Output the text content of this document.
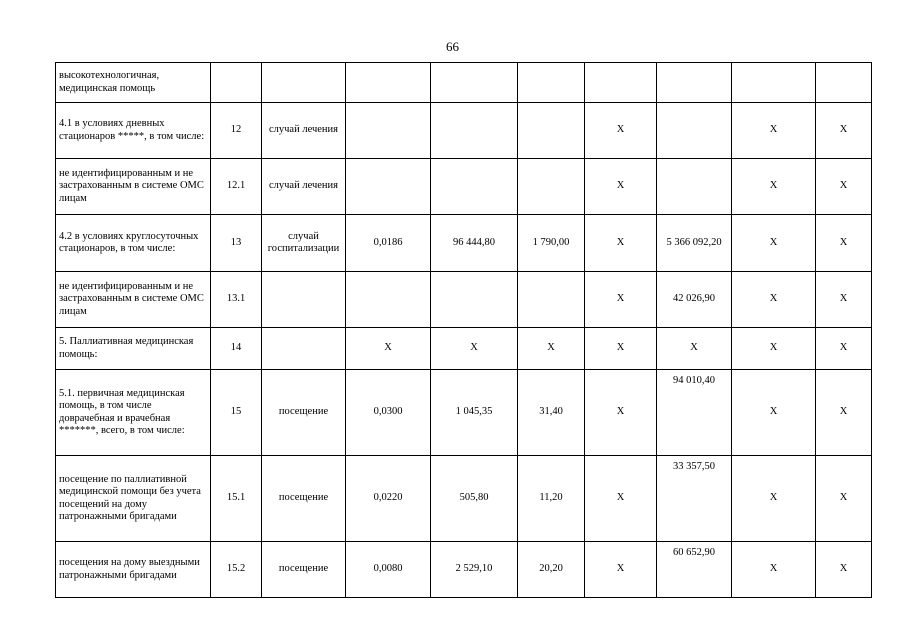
66
высокотехнологичная, медицинская помощь									
4.1 в условиях дневных стационаров *****, в том числе:	12	случай лечения				X		X	X
не идентифицированным и не застрахованным в системе ОМС лицам	12.1	случай лечения				X		X	X
4.2 в условиях круглосуточных стационаров, в том числе:	13	случай госпитализации	0,0186	96 444,80	1 790,00	X	5 366 092,20	X	X
не идентифицированным и не застрахованным в системе ОМС лицам	13.1					X	42 026,90	X	X
5. Паллиативная медицинская помощь:	14		X	X	X	X	X	X	X
5.1. первичная медицинская помощь, в том числе доврачебная и врачебная *******, всего, в том числе:	15	посещение	0,0300	1 045,35	31,40	X	94 010,40	X	X
посещение по паллиативной медицинской помощи без учета посещений на дому патронажными бригадами	15.1	посещение	0,0220	505,80	11,20	X	33 357,50	X	X
посещения на дому выездными патронажными бригадами	15.2	посещение	0,0080	2 529,10	20,20	X	60 652,90	X	X
